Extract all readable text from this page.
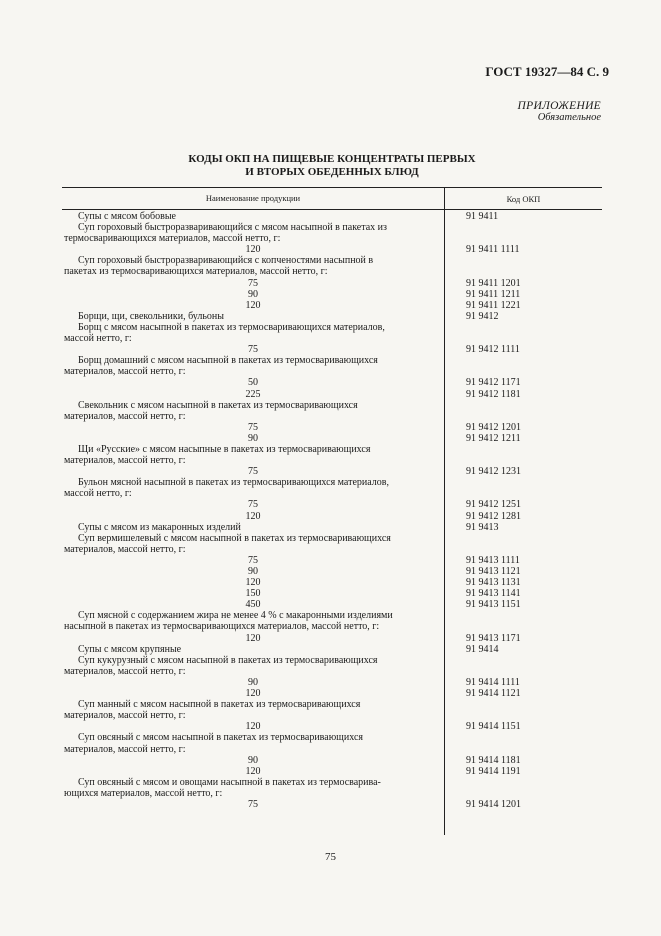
ГОСТ 19327—84 С. 9
ПРИЛОЖЕНИЕ
Обязательное
КОДЫ ОКП НА ПИЩЕВЫЕ КОНЦЕНТРАТЫ ПЕРВЫХ
И ВТОРЫХ ОБЕДЕННЫХ БЛЮД
Наименование продукции	Код ОКП
Супы с мясом бобовые
Суп гороховый быстроразваривающийся с мясом насыпной в пакетах из
термосваривающихся материалов, массой нетто, г:
120
Суп гороховый быстроразваривающийся с копченостями насыпной в
пакетах из термосваривающихся материалов, массой нетто, г:
75
90
120
Борщи, щи, свекольники, бульоны
Борщ с мясом насыпной в пакетах из термосваривающихся материалов,
массой нетто, г:
75
Борщ домашний с мясом насыпной в пакетах из термосваривающихся
материалов, массой нетто, г:
50
225
Свекольник с мясом насыпной в пакетах из термосваривающихся
материалов, массой нетто, г:
75
90
Щи «Русские» с мясом насыпные в пакетах из термосваривающихся
материалов, массой нетто, г:
75
Бульон мясной насыпной в пакетах из термосваривающихся материалов,
массой нетто, г:
75
120
Супы с мясом из макаронных изделий
Суп вермишелевый с мясом насыпной в пакетах из термосваривающихся
материалов, массой нетто, г:
75
90
120
150
450
Суп мясной с содержанием жира не менее 4 % с макаронными изделиями
насыпной в пакетах из термосваривающихся материалов, массой нетто, г:
120
Супы с мясом крупяные
Суп кукурузный с мясом насыпной в пакетах из термосваривающихся
материалов, массой нетто, г:
90
120
Суп манный с мясом насыпной в пакетах из термосваривающихся
материалов, массой нетто, г:
120
Суп овсяный с мясом насыпной в пакетах из термосваривающихся
материалов, массой нетто, г:
90
120
Суп овсяный с мясом и овощами насыпной в пакетах из термосварива-
ющихся материалов, массой нетто, г:
75
91 9411

91 9411 1111

91 9411 1201
91 9411 1211
91 9411 1221
91 9412

91 9412 1111

91 9412 1171
91 9412 1181

91 9412 1201
91 9412 1211

91 9412 1231

91 9412 1251
91 9412 1281
91 9413

91 9413 1111
91 9413 1121
91 9413 1131
91 9413 1141
91 9413 1151

91 9413 1171
91 9414

91 9414 1111
91 9414 1121

91 9414 1151

91 9414 1181
91 9414 1191

91 9414 1201
75
